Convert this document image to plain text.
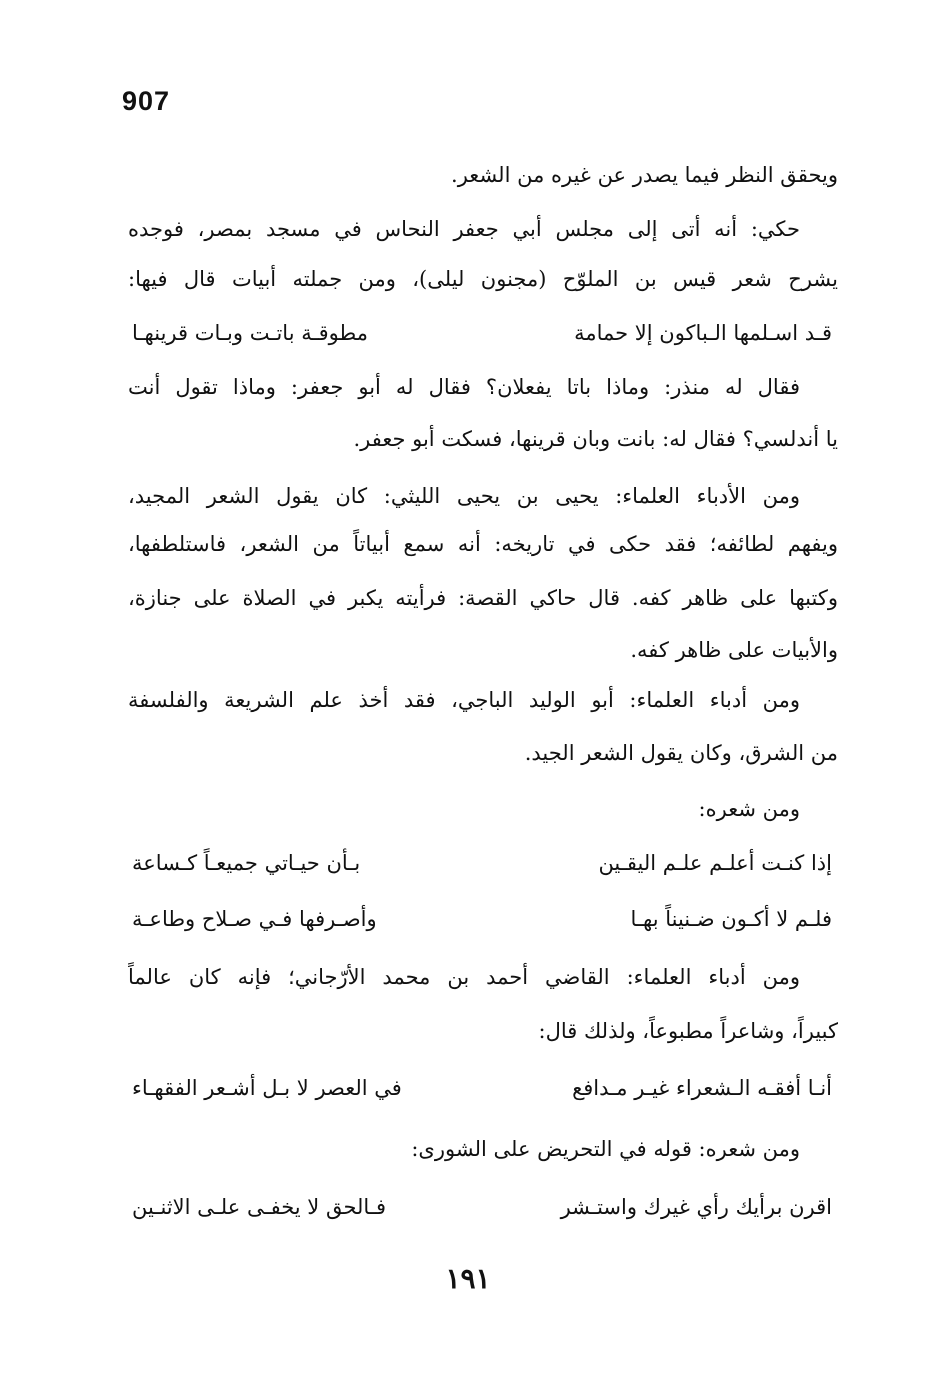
907
ويحقق النظر فيما يصدر عن غيره من الشعر.
حكي: أنه أتى إلى مجلس أبي جعفر النحاس في مسجد بمصر، فوجده
يشرح شعر قيس بن الملوّح (مجنون ليلى)، ومن جملته أبيات قال فيها:
قـد اسـلمها الـباكون إلا حمامة
مطوقـة باتـت وبـات قرينهـا
فقال له منذر: وماذا باتا يفعلان؟ فقال له أبو جعفر: وماذا تقول أنت
يا أندلسي؟ فقال له: بانت وبان قرينها، فسكت أبو جعفر.
ومن الأدباء العلماء: يحيى بن يحيى الليثي: كان يقول الشعر المجيد،
ويفهم لطائفه؛ فقد حكى في تاريخه: أنه سمع أبياتاً من الشعر، فاستلطفها،
وكتبها على ظاهر كفه. قال حاكي القصة: فرأيته يكبر في الصلاة على جنازة،
والأبيات على ظاهر كفه.
ومن أدباء العلماء: أبو الوليد الباجي، فقد أخذ علم الشريعة والفلسفة
من الشرق، وكان يقول الشعر الجيد.
ومن شعره:
إذا كنـت أعلـم علـم اليقـين
بـأن حيـاتي جميعـاً كـساعة
فلـم لا أكـون ضـنيناً بهـا
وأصـرفها فـي صـلاح وطاعـة
ومن أدباء العلماء: القاضي أحمد بن محمد الأرّجاني؛ فإنه كان عالماً
كبيراً، وشاعراً مطبوعاً، ولذلك قال:
أنـا أفقـه الـشعراء غيـر مـدافع
في العصر لا بـل أشـعر الفقهـاء
ومن شعره: قوله في التحريض على الشورى:
اقرن برأيك رأي غيرك واستـشر
فـالحق لا يخفـى علـى الاثنـين
١٩١
